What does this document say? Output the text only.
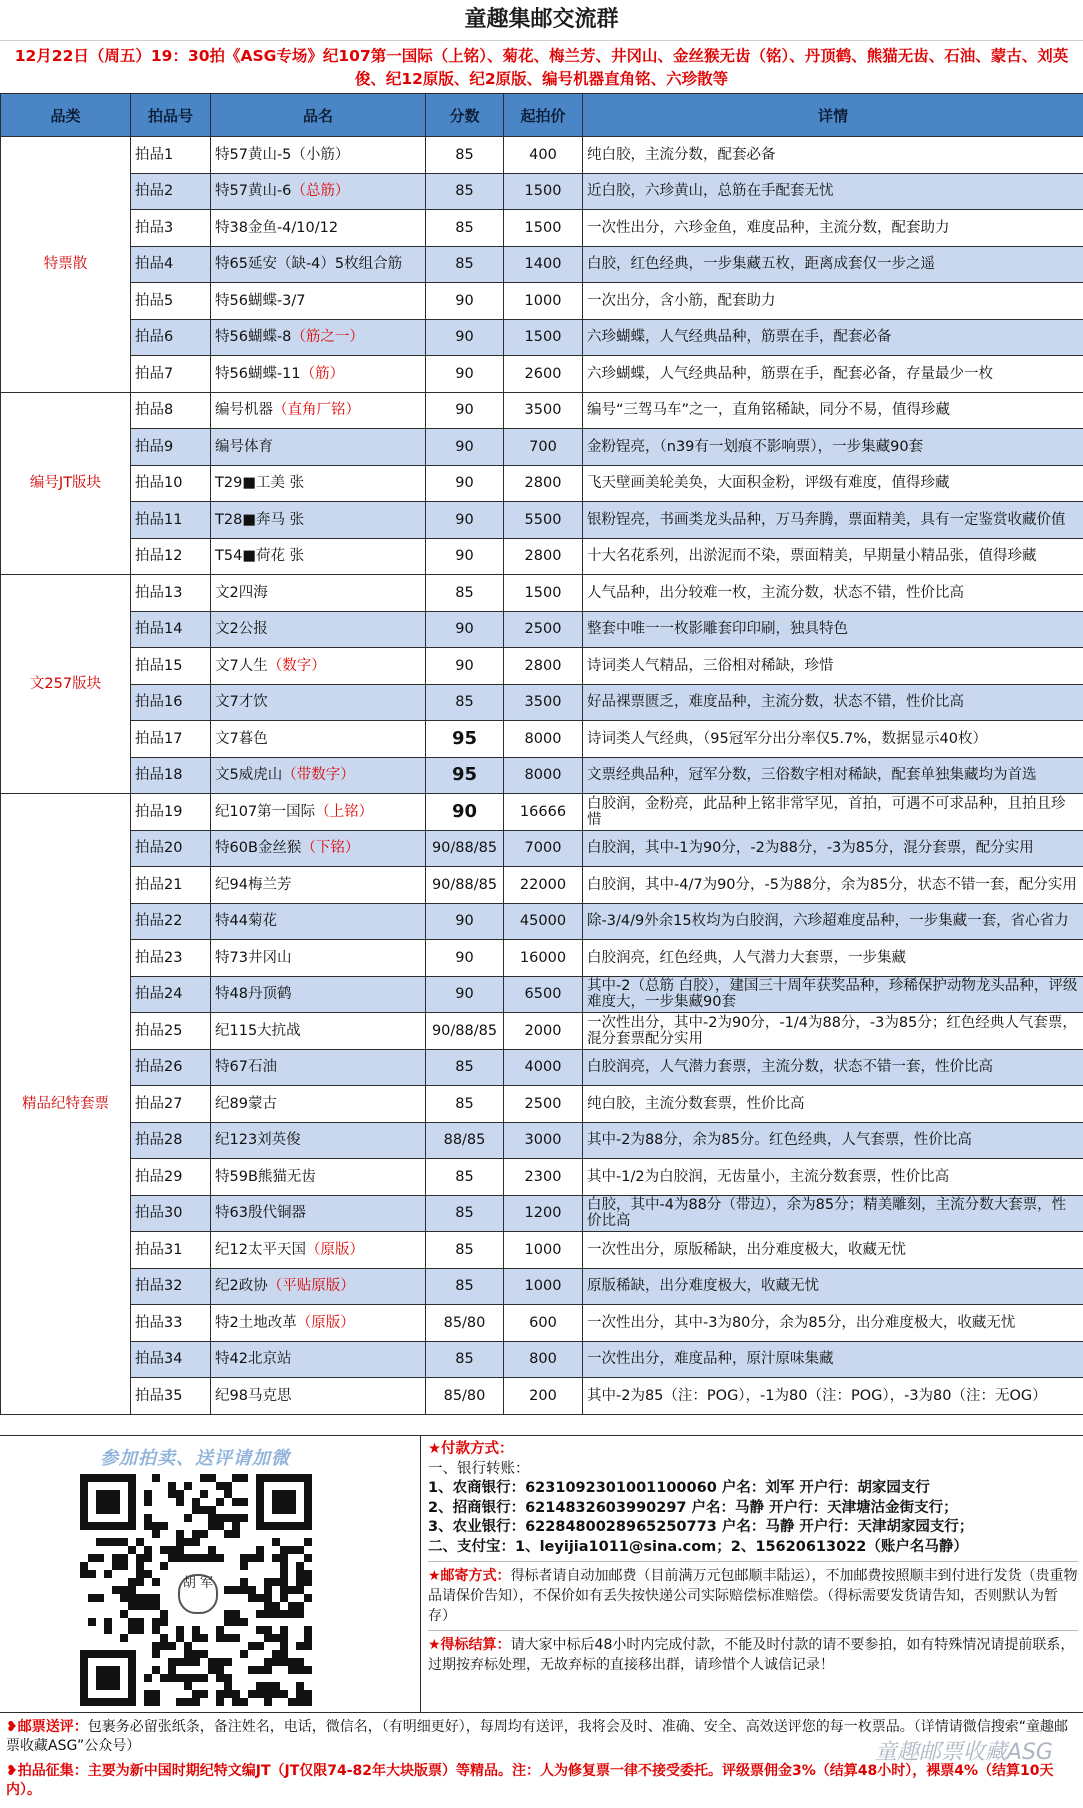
童趣集邮交流群
12月22日（周五）19：30拍《ASG专场》纪107第一国际（上铭）、菊花、梅兰芳、井冈山、金丝猴无齿（铭）、丹顶鹤、熊猫无齿、石油、蒙古、刘英俊、纪12原版、纪2原版、编号机器直角铭、六珍散等
品类	拍品号	品名	分数	起拍价	详情
特票散	拍品1	特57黄山-5（小筋）	85	400	纯白胶，主流分数，配套必备
	拍品2	特57黄山-6（总筋）	85	1500	近白胶，六珍黄山，总筋在手配套无忧
	拍品3	特38金鱼-4/10/12	85	1500	一次性出分，六珍金鱼，难度品种，主流分数，配套助力
	拍品4	特65延安（缺-4）5枚组合筋	85	1400	白胶，红色经典，一步集藏五枚，距离成套仅一步之遥
	拍品5	特56蝴蝶-3/7	90	1000	一次出分，含小筋，配套助力
	拍品6	特56蝴蝶-8（筋之一）	90	1500	六珍蝴蝶，人气经典品种，筋票在手，配套必备
	拍品7	特56蝴蝶-11（筋）	90	2600	六珍蝴蝶，人气经典品种，筋票在手，配套必备，存量最少一枚
编号JT版块	拍品8	编号机器（直角厂铭）	90	3500	编号“三驾马车”之一，直角铭稀缺，同分不易，值得珍藏
	拍品9	编号体育	90	700	金粉锃亮，（n39有一划痕不影响票），一步集藏90套
	拍品10	T29■工美 张	90	2800	飞天壁画美轮美奂，大面积金粉，评级有难度，值得珍藏
	拍品11	T28■奔马 张	90	5500	银粉锃亮，书画类龙头品种，万马奔腾，票面精美，具有一定鉴赏收藏价值
	拍品12	T54■荷花 张	90	2800	十大名花系列，出淤泥而不染，票面精美，早期量小精品张，值得珍藏
文257版块	拍品13	文2四海	85	1500	人气品种，出分较难一枚，主流分数，状态不错，性价比高
	拍品14	文2公报	90	2500	整套中唯一一枚影雕套印印刷，独具特色
	拍品15	文7人生（数字）	90	2800	诗词类人气精品，三俗相对稀缺，珍惜
	拍品16	文7才饮	85	3500	好品裸票匮乏，难度品种，主流分数，状态不错，性价比高
	拍品17	文7暮色	95	8000	诗词类人气经典，（95冠军分出分率仅5.7%，数据显示40枚）
	拍品18	文5威虎山（带数字）	95	8000	文票经典品种，冠军分数，三俗数字相对稀缺，配套单独集藏均为首选
精品纪特套票	拍品19	纪107第一国际（上铭）	90	16666	白胶润，金粉亮，此品种上铭非常罕见，首拍，可遇不可求品种，且拍且珍惜
	拍品20	特60B金丝猴（下铭）	90/88/85	7000	白胶润，其中-1为90分，-2为88分，-3为85分，混分套票，配分实用
	拍品21	纪94梅兰芳	90/88/85	22000	白胶润，其中-4/7为90分，-5为88分，余为85分，状态不错一套，配分实用
	拍品22	特44菊花	90	45000	除-3/4/9外余15枚均为白胶润，六珍超难度品种，一步集藏一套，省心省力
	拍品23	特73井冈山	90	16000	白胶润亮，红色经典，人气潜力大套票，一步集藏
	拍品24	特48丹顶鹤	90	6500	其中-2（总筋 白胶），建国三十周年获奖品种，珍稀保护动物龙头品种，评级难度大，一步集藏90套
	拍品25	纪115大抗战	90/88/85	2000	一次性出分，其中-2为90分，-1/4为88分，-3为85分；红色经典人气套票，混分套票配分实用
	拍品26	特67石油	85	4000	白胶润亮，人气潜力套票，主流分数，状态不错一套，性价比高
	拍品27	纪89蒙古	85	2500	纯白胶，主流分数套票，性价比高
	拍品28	纪123刘英俊	88/85	3000	其中-2为88分，余为85分。红色经典，人气套票，性价比高
	拍品29	特59B熊猫无齿	85	2300	其中-1/2为白胶润，无齿量小，主流分数套票，性价比高
	拍品30	特63殷代铜器	85	1200	白胶，其中-4为88分（带边），余为85分；精美雕刻，主流分数大套票，性价比高
	拍品31	纪12太平天国（原版）	85	1000	一次性出分，原版稀缺，出分难度极大，收藏无忧
	拍品32	纪2政协（平贴原版）	85	1000	原版稀缺，出分难度极大，收藏无忧
	拍品33	特2土地改革（原版）	85/80	600	一次性出分，其中-3为80分，余为85分，出分难度极大，收藏无忧
	拍品34	特42北京站	85	800	一次性出分，难度品种，原汁原味集藏
	拍品35	纪98马克思	85/80	200	其中-2为85（注：POG），-1为80（注：POG），-3为80（注：无OG）
参加拍卖、送评请加微
胡 军
★付款方式：
一、银行转账：
1、农商银行：6231092301001100060 户名：刘军 开户行：胡家园支行
2、招商银行：6214832603990297 户名：马静 开户行：天津塘沽金街支行；
3、农业银行：6228480028965250773 户名：马静 开户行：天津胡家园支行；
二、支付宝：1、leyijia1011@sina.com；2、15620613022（账户名马静）
★邮寄方式：得标者请自动加邮费（目前满万元包邮顺丰陆运），不加邮费按照顺丰到付进行发货（贵重物品请保价告知），不保价如有丢失按快递公司实际赔偿标准赔偿。（得标需要发货请告知，否则默认为暂存）
★得标结算：请大家中标后48小时内完成付款，不能及时付款的请不要参拍，如有特殊情况请提前联系，过期按弃标处理，无故弃标的直接移出群，请珍惜个人诚信记录！
❥邮票送评：包裹务必留张纸条，备注姓名，电话，微信名，（有明细更好），每周均有送评，我将会及时、准确、安全、高效送评您的每一枚票品。（详情请微信搜索“童趣邮票收藏ASG”公众号）
❥拍品征集：主要为新中国时期纪特文编JT（JT仅限74-82年大块版票）等精品。注：人为修复票一律不接受委托。评级票佣金3%（结算48小时），裸票4%（结算10天内）。
童趣邮票收藏ASG
